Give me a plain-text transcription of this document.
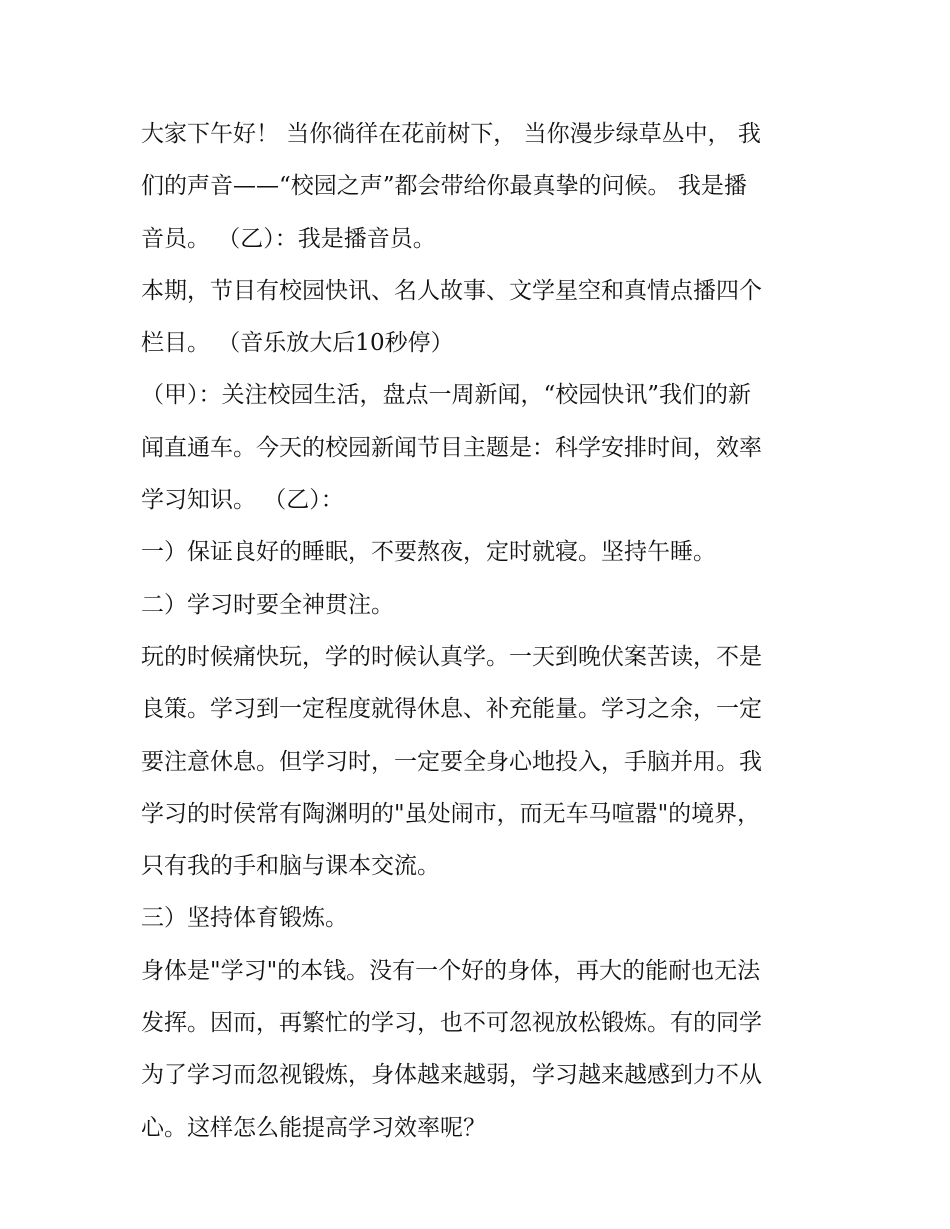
大家下午好！ 当你徜徉在花前树下， 当你漫步绿草丛中， 我
们的声音——“校园之声”都会带给你最真挚的问候。 我是播
音员。 （乙）：我是播音员。
本期，节目有校园快讯、名人故事、文学星空和真情点播四个
栏目。 （音乐放大后10秒停）
（甲）：关注校园生活，盘点一周新闻，“校园快讯”我们的新
闻直通车。今天的校园新闻节目主题是：科学安排时间，效率
学习知识。 （乙）：
一）保证良好的睡眠，不要熬夜，定时就寝。坚持午睡。
二）学习时要全神贯注。
玩的时候痛快玩，学的时候认真学。一天到晚伏案苦读，不是
良策。学习到一定程度就得休息、补充能量。学习之余，一定
要注意休息。但学习时，一定要全身心地投入，手脑并用。我
学习的时侯常有陶渊明的"虽处闹市，而无车马喧嚣"的境界，
只有我的手和脑与课本交流。
三）坚持体育锻炼。
身体是"学习"的本钱。没有一个好的身体，再大的能耐也无法
发挥。因而，再繁忙的学习，也不可忽视放松锻炼。有的同学
为了学习而忽视锻炼，身体越来越弱，学习越来越感到力不从
心。这样怎么能提高学习效率呢？
